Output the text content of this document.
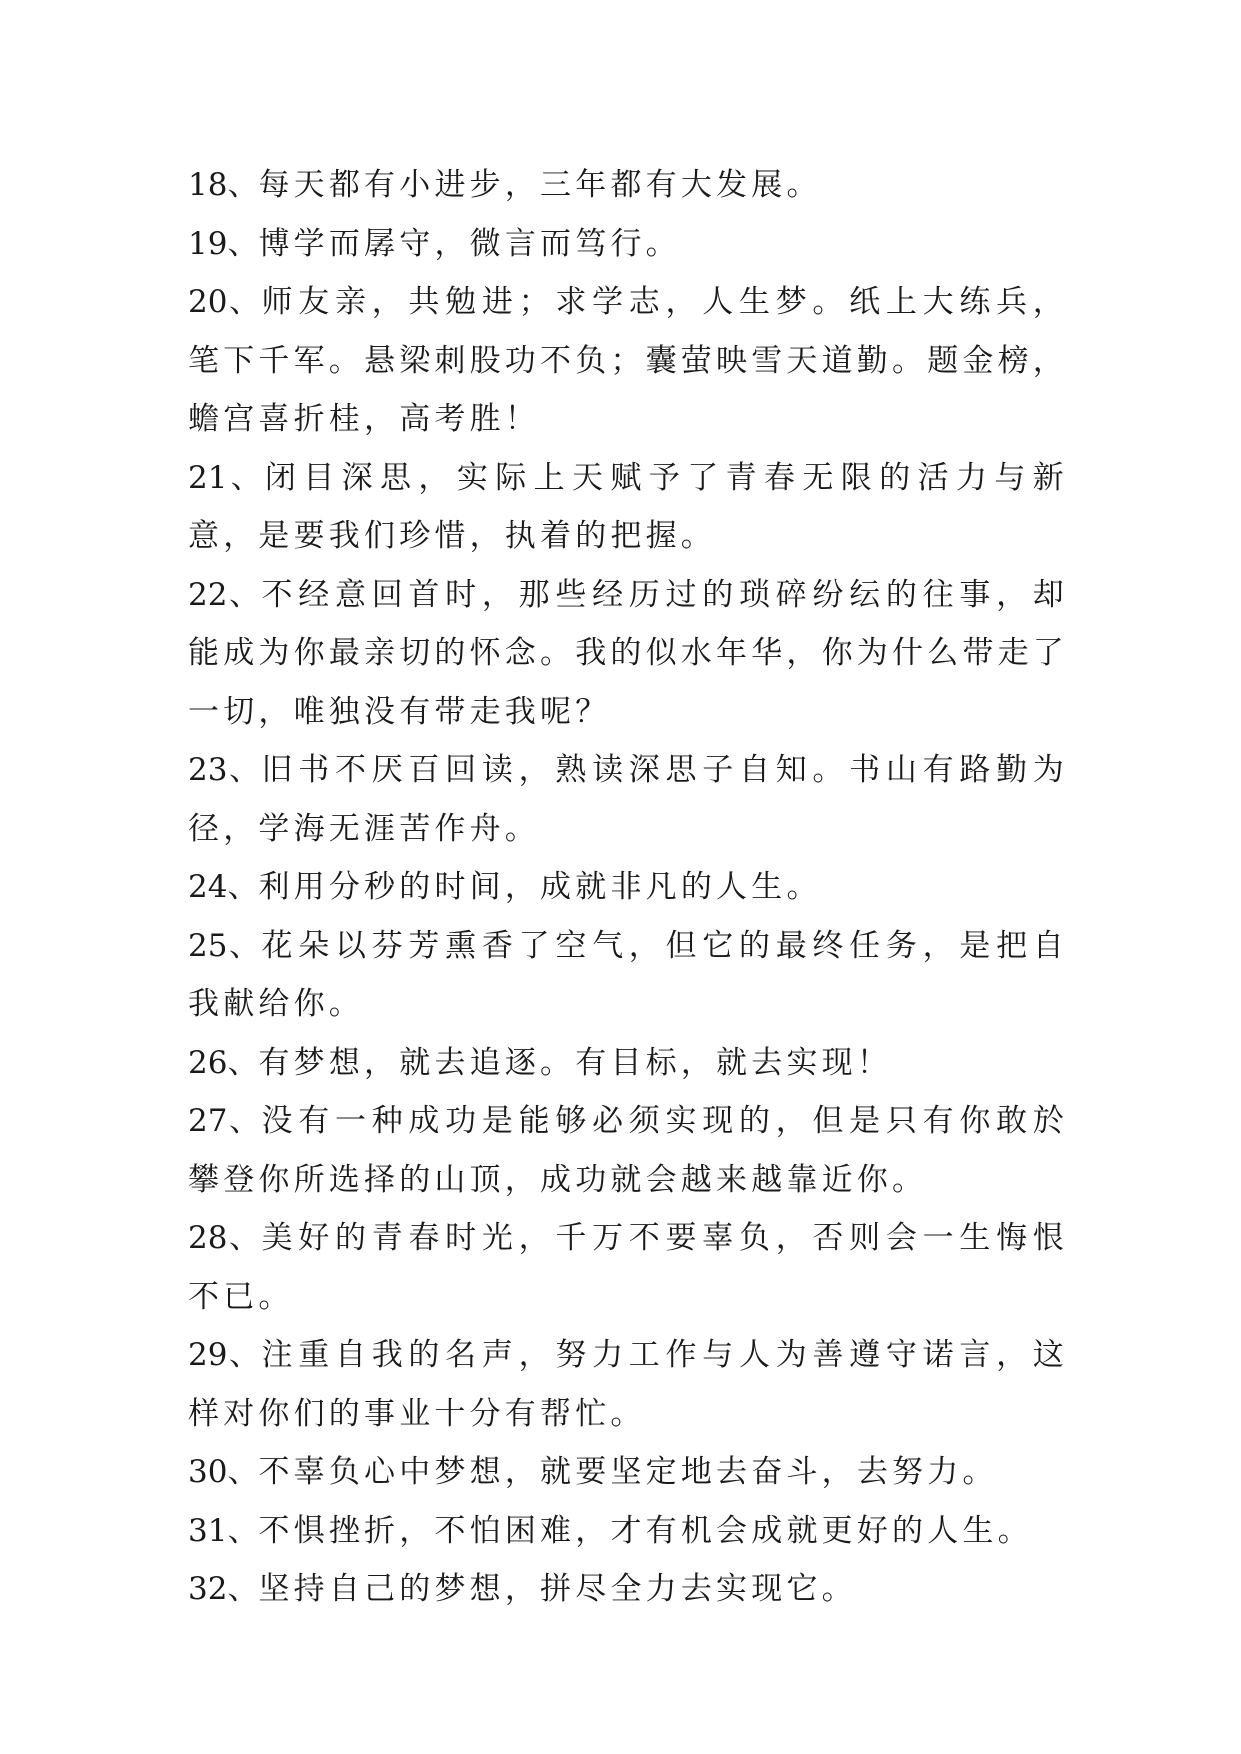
18、每天都有小进步，三年都有大发展。

19、博学而孱守，微言而笃行。

20、师友亲，共勉进；求学志，人生梦。纸上大练兵，笔下千军。悬梁刺股功不负；囊萤映雪天道勤。题金榜，蟾宫喜折桂，高考胜！

21、闭目深思，实际上天赋予了青春无限的活力与新意，是要我们珍惜，执着的把握。

22、不经意回首时，那些经历过的琐碎纷纭的往事，却能成为你最亲切的怀念。我的似水年华，你为什么带走了一切，唯独没有带走我呢？

23、旧书不厌百回读，熟读深思子自知。书山有路勤为径，学海无涯苦作舟。

24、利用分秒的时间，成就非凡的人生。

25、花朵以芬芳熏香了空气，但它的最终任务，是把自我献给你。

26、有梦想，就去追逐。有目标，就去实现！

27、没有一种成功是能够必须实现的，但是只有你敢於攀登你所选择的山顶，成功就会越来越靠近你。

28、美好的青春时光，千万不要辜负，否则会一生悔恨不已。

29、注重自我的名声，努力工作与人为善遵守诺言，这样对你们的事业十分有帮忙。

30、不辜负心中梦想，就要坚定地去奋斗，去努力。

31、不惧挫折，不怕困难，才有机会成就更好的人生。

32、坚持自己的梦想，拼尽全力去实现它。
